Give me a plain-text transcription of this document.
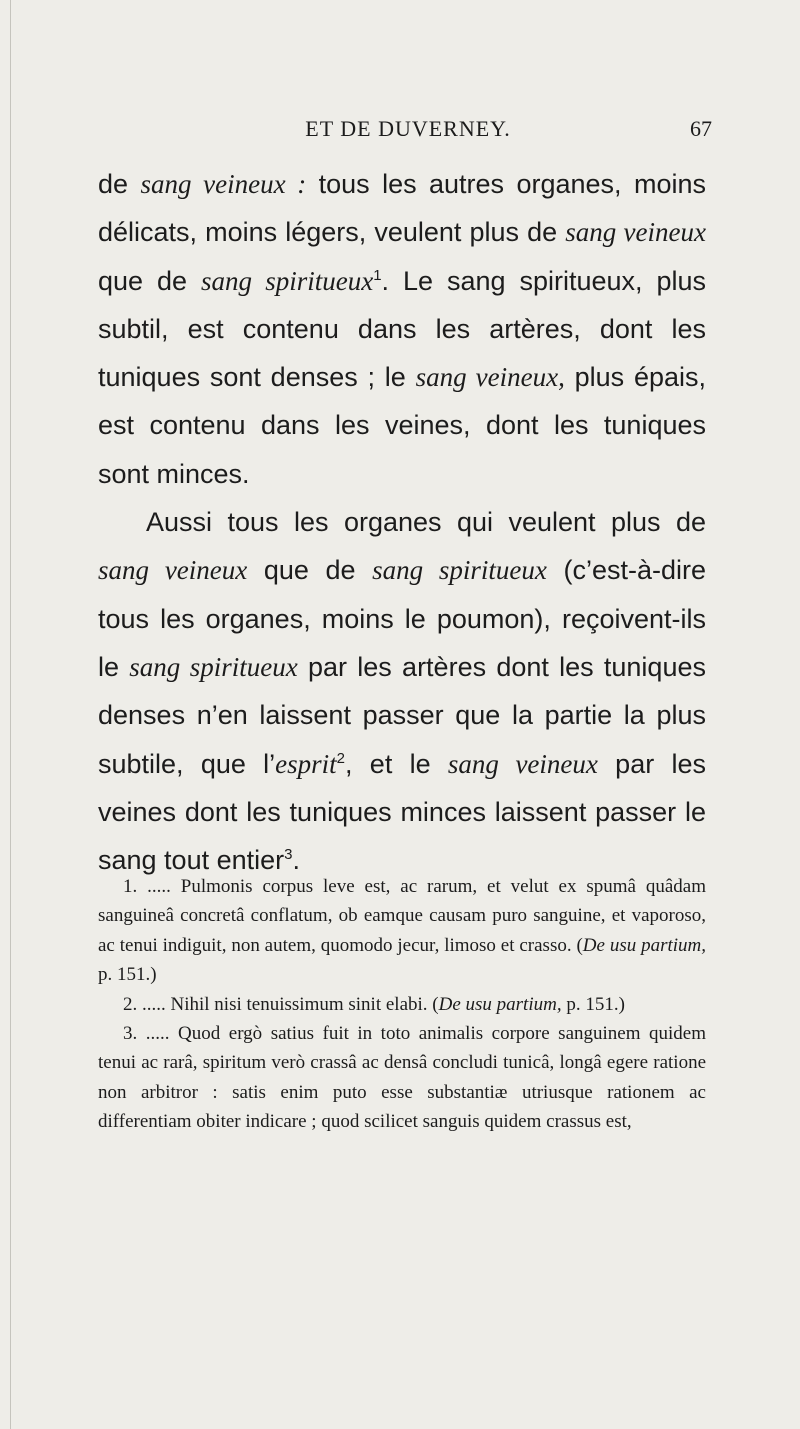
ET DE DUVERNEY.	67

de sang veineux : tous les autres organes, moins délicats, moins légers, veulent plus de sang veineux que de sang spiritueux$^1$. Le sang spiritueux, plus subtil, est contenu dans les artères, dont les tuniques sont denses ; le sang veineux, plus épais, est contenu dans les veines, dont les tuniques sont minces.

Aussi tous les organes qui veulent plus de sang veineux que de sang spiritueux (c’est-à-dire tous les organes, moins le poumon), reçoivent-ils le sang spiritueux par les artères dont les tuniques denses n’en laissent passer que la partie la plus subtile, que l’esprit$^2$, et le sang veineux par les veines dont les tuniques minces laissent passer le sang tout entier$^3$.

1. ..... Pulmonis corpus leve est, ac rarum, et velut ex spumâ quâdam sanguineâ concretâ conflatum, ob eamque causam puro sanguine, et vaporoso, ac tenui indiguit, non autem, quomodo jecur, limoso et crasso. (De usu partium, p. 151.)

2. ..... Nihil nisi tenuissimum sinit elabi. (De usu partium, p. 151.)

3. ..... Quod ergò satius fuit in toto animalis corpore sanguinem quidem tenui ac rarâ, spiritum verò crassâ ac densâ concludi tunicâ, longâ egere ratione non arbitror : satis enim puto esse substantiæ utriusque rationem ac differentiam obiter indicare ; quod scilicet sanguis quidem crassus est,
